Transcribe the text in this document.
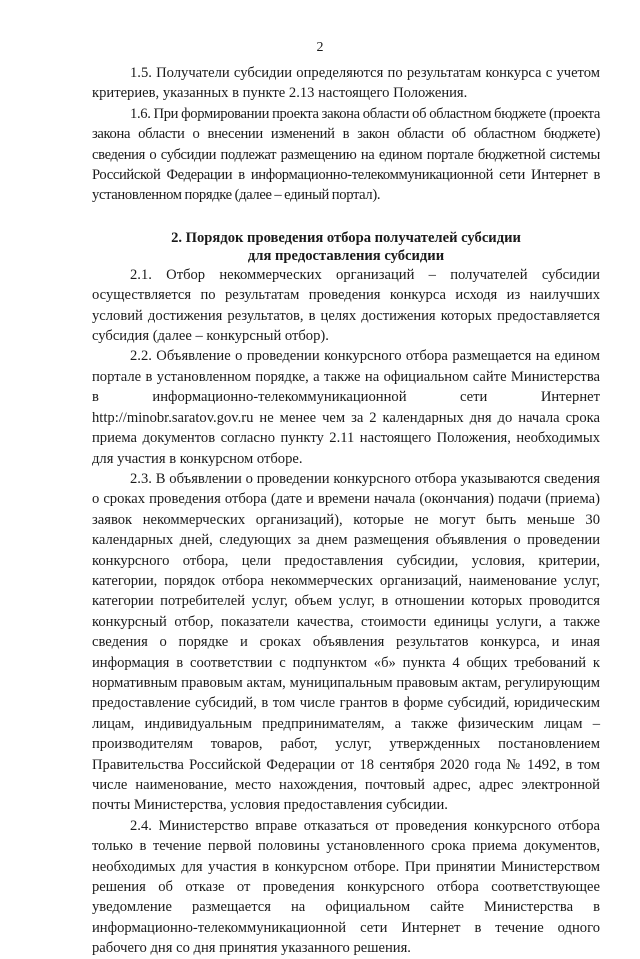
2

1.5. Получатели субсидии определяются по результатам конкурса с учетом критериев, указанных в пункте 2.13 настоящего Положения.

1.6. При формировании проекта закона области об областном бюджете (проекта закона области о внесении изменений в закон области об областном бюджете) сведения о субсидии подлежат размещению на едином портале бюджетной системы Российской Федерации в информационно-телекоммуникационной сети Интернет в установленном порядке (далее – единый портал).

2. Порядок проведения отбора получателей субсидии
для предоставления субсидии

2.1. Отбор некоммерческих организаций – получателей субсидии осуществляется по результатам проведения конкурса исходя из наилучших условий достижения результатов, в целях достижения которых предоставляется субсидия (далее – конкурсный отбор).

2.2. Объявление о проведении конкурсного отбора размещается на едином портале в установленном порядке, а также на официальном сайте Министерства в информационно-телекоммуникационной сети Интернет http://minobr.saratov.gov.ru не менее чем за 2 календарных дня до начала срока приема документов согласно пункту 2.11 настоящего Положения, необходимых для участия в конкурсном отборе.

2.3. В объявлении о проведении конкурсного отбора указываются сведения о сроках проведения отбора (дате и времени начала (окончания) подачи (приема) заявок некоммерческих организаций), которые не могут быть меньше 30 календарных дней, следующих за днем размещения объявления о проведении конкурсного отбора, цели предоставления субсидии, условия, критерии, категории, порядок отбора некоммерческих организаций, наименование услуг, категории потребителей услуг, объем услуг, в отношении которых проводится конкурсный отбор, показатели качества, стоимости единицы услуги, а также сведения о порядке и сроках объявления результатов конкурса, и иная информация в соответствии с подпунктом «б» пункта 4 общих требований к нормативным правовым актам, муниципальным правовым актам, регулирующим предоставление субсидий, в том числе грантов в форме субсидий, юридическим лицам, индивидуальным предпринимателям, а также физическим лицам – производителям товаров, работ, услуг, утвержденных постановлением Правительства Российской Федерации от 18 сентября 2020 года № 1492, в том числе наименование, место нахождения, почтовый адрес, адрес электронной почты Министерства, условия предоставления субсидии.

2.4. Министерство вправе отказаться от проведения конкурсного отбора только в течение первой половины установленного срока приема документов, необходимых для участия в конкурсном отборе. При принятии Министерством решения об отказе от проведения конкурсного отбора соответствующее уведомление размещается на официальном сайте Министерства в информационно-телекоммуникационной сети Интернет в течение одного рабочего дня со дня принятия указанного решения.
